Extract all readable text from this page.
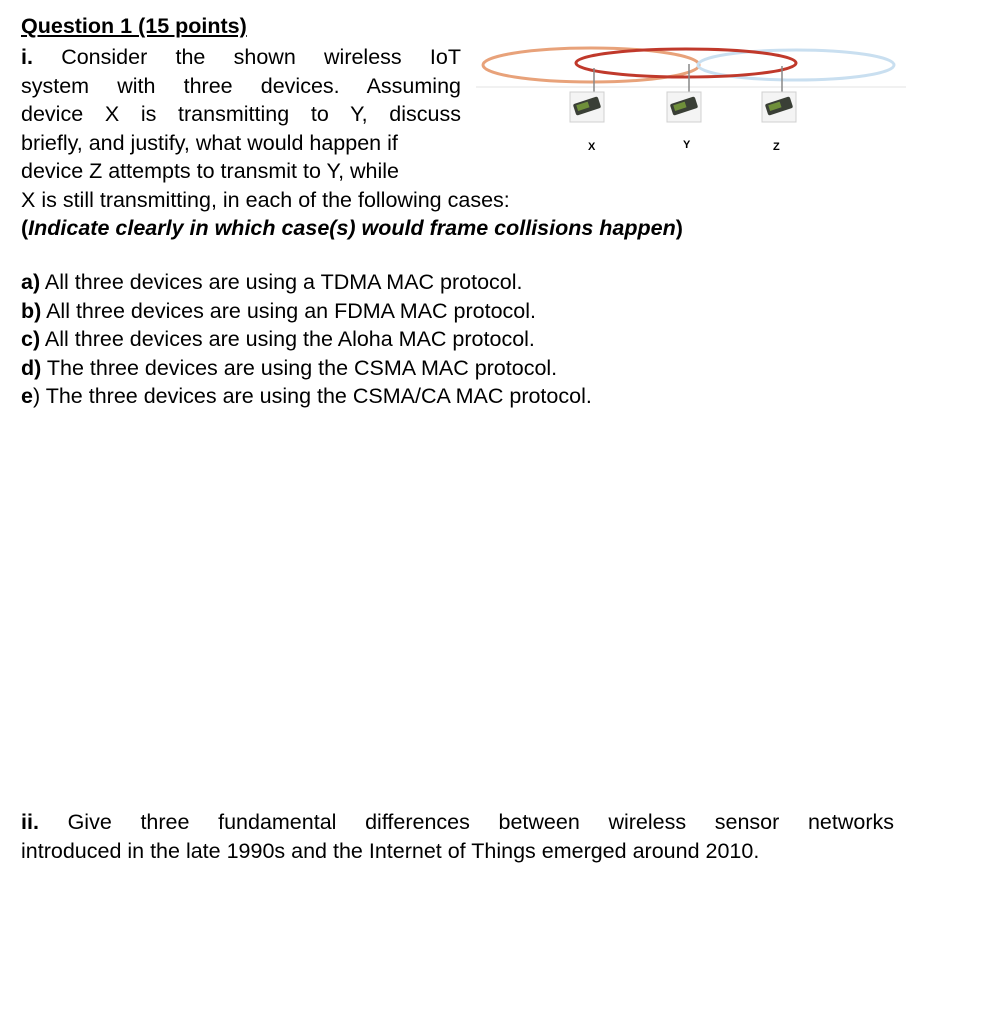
Question 1 (15 points)
i. Consider the shown wireless IoT
system with three devices. Assuming
device X is transmitting to Y, discuss
briefly, and justify, what would happen if
device Z attempts to transmit to Y, while
X is still transmitting, in each of the following cases:
(Indicate clearly in which case(s) would frame collisions happen)
a) All three devices are using a TDMA MAC protocol.
b) All three devices are using an FDMA MAC protocol.
c) All three devices are using the Aloha MAC protocol.
d) The three devices are using the CSMA MAC protocol.
e) The three devices are using the CSMA/CA MAC protocol.
ii. Give three fundamental differences between wireless sensor networks
introduced in the late 1990s and the Internet of Things emerged around 2010.
X	Y	Z
